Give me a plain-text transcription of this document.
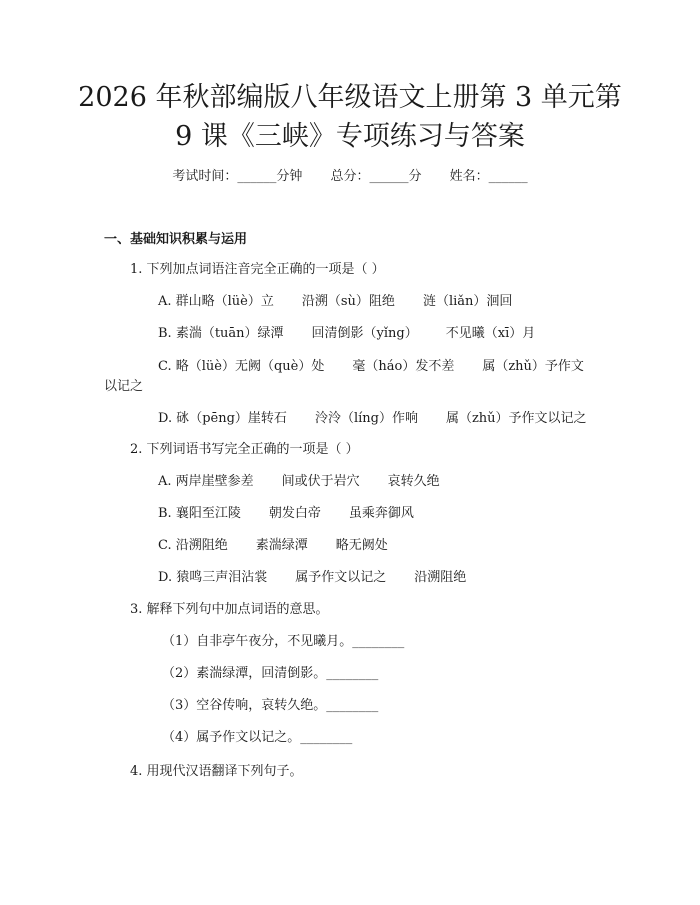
2026 年秋部编版八年级语文上册第 3 单元第
9 课《三峡》专项练习与答案
考试时间：______分钟 总分：______分 姓名：______
一、基础知识积累与运用
1. 下列加点词语注音完全正确的一项是（ ）
A. 群山略（lüè）立 沿溯（sù）阻绝 涟（liǎn）洄回
B. 素湍（tuān）绿潭 回清倒影（yǐng） 不见曦（xī）月
C. 略（lüè）无阙（què）处 毫（háo）发不差 属（zhǔ）予作文
以记之
D. 砯（pēng）崖转石 泠泠（líng）作响 属（zhǔ）予作文以记之
2. 下列词语书写完全正确的一项是（ ）
A. 两岸崖壁参差 间或伏于岩穴 哀转久绝
B. 襄阳至江陵 朝发白帝 虽乘奔御风
C. 沿溯阻绝 素湍绿潭 略无阙处
D. 猿鸣三声泪沾裳 属予作文以记之 沿溯阻绝
3. 解释下列句中加点词语的意思。
（1）自非亭午夜分，不见曦月。________
（2）素湍绿潭，回清倒影。________
（3）空谷传响，哀转久绝。________
（4）属予作文以记之。________
4. 用现代汉语翻译下列句子。
